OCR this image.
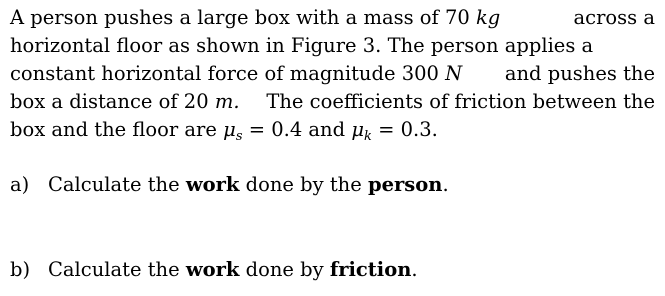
A person pushes a large box with a mass of 70 kg	across a
horizontal floor as shown in Figure 3. The person applies a
constant horizontal force of magnitude 300 N and pushes the
box a distance of 20 m. The coefficients of friction between the
box and the floor are $\mu_s = 0.4$ and $\mu_k = 0.3$.
a) Calculate the work done by the person.
b) Calculate the work done by friction.
